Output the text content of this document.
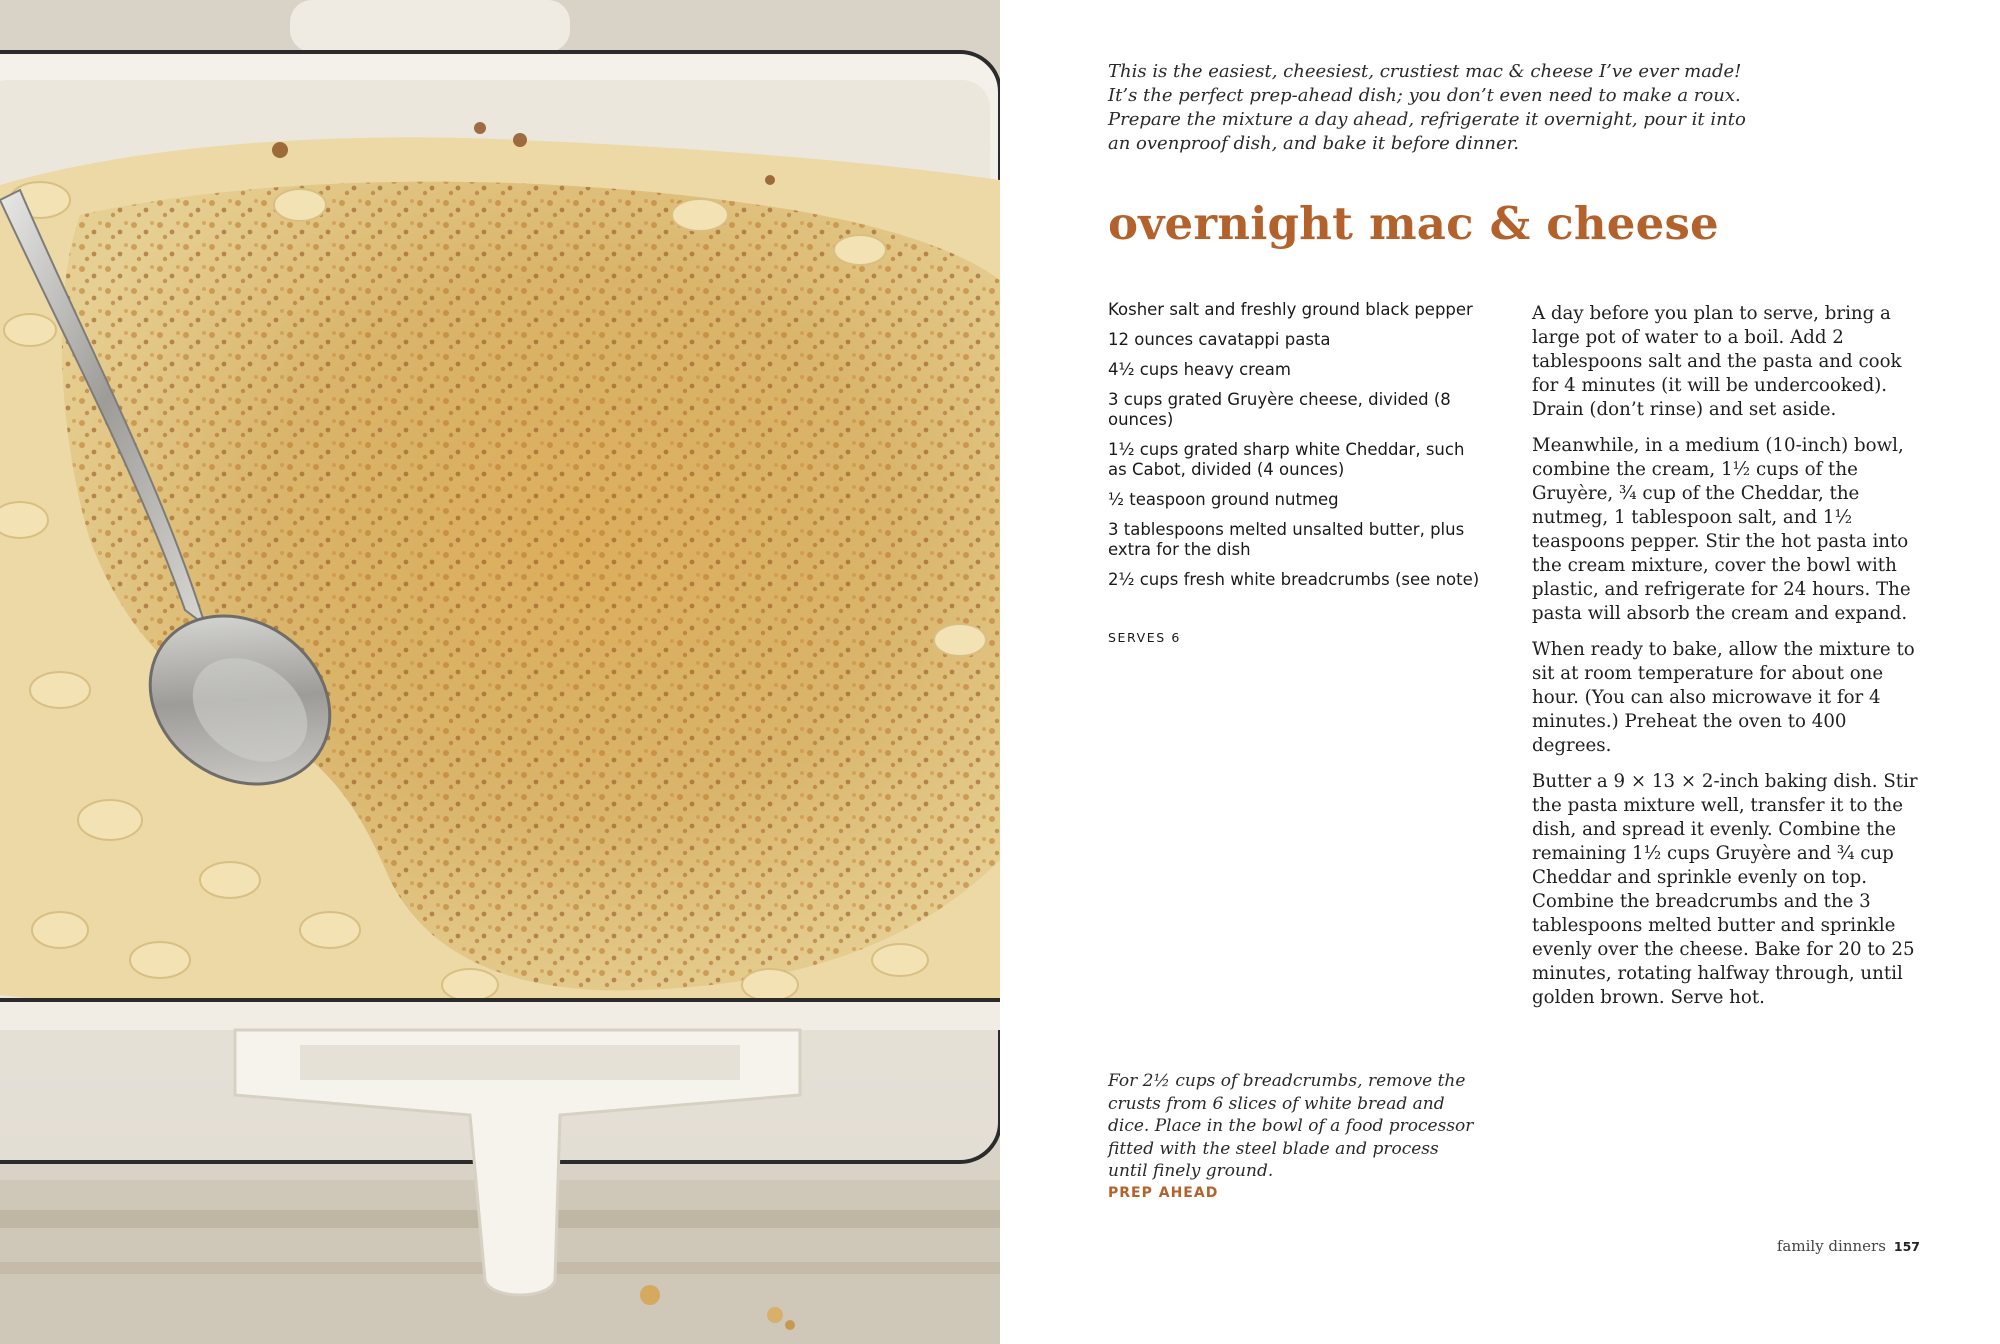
This is the easiest, cheesiest, crustiest mac & cheese I’ve ever made! It’s the perfect prep-ahead dish; you don’t even need to make a roux. Prepare the mixture a day ahead, refrigerate it overnight, pour it into an ovenproof dish, and bake it before dinner.

overnight mac & cheese
Kosher salt and freshly ground black pepper
12 ounces cavatappi pasta
4½ cups heavy cream
3 cups grated Gruyère cheese, divided (8 ounces)
1½ cups grated sharp white Cheddar, such as Cabot, divided (4 ounces)
½ teaspoon ground nutmeg
3 tablespoons melted unsalted butter, plus extra for the dish
2½ cups fresh white breadcrumbs (see note)

SERVES 6

A day before you plan to serve, bring a large pot of water to a boil. Add 2 tablespoons salt and the pasta and cook for 4 minutes (it will be undercooked). Drain (don’t rinse) and set aside.

Meanwhile, in a medium (10-inch) bowl, combine the cream, 1½ cups of the Gruyère, ¾ cup of the Cheddar, the nutmeg, 1 tablespoon salt, and 1½ teaspoons pepper. Stir the hot pasta into the cream mixture, cover the bowl with plastic, and refrigerate for 24 hours. The pasta will absorb the cream and expand.

When ready to bake, allow the mixture to sit at room temperature for about one hour. (You can also microwave it for 4 minutes.) Preheat the oven to 400 degrees.

Butter a 9 × 13 × 2-inch baking dish. Stir the pasta mixture well, transfer it to the dish, and spread it evenly. Combine the remaining 1½ cups Gruyère and ¾ cup Cheddar and sprinkle evenly on top. Combine the breadcrumbs and the 3 tablespoons melted butter and sprinkle evenly over the cheese. Bake for 20 to 25 minutes, rotating halfway through, until golden brown. Serve hot.

For 2½ cups of breadcrumbs, remove the crusts from 6 slices of white bread and dice. Place in the bowl of a food processor fitted with the steel blade and process until finely ground.

PREP AHEAD

family dinners 157
